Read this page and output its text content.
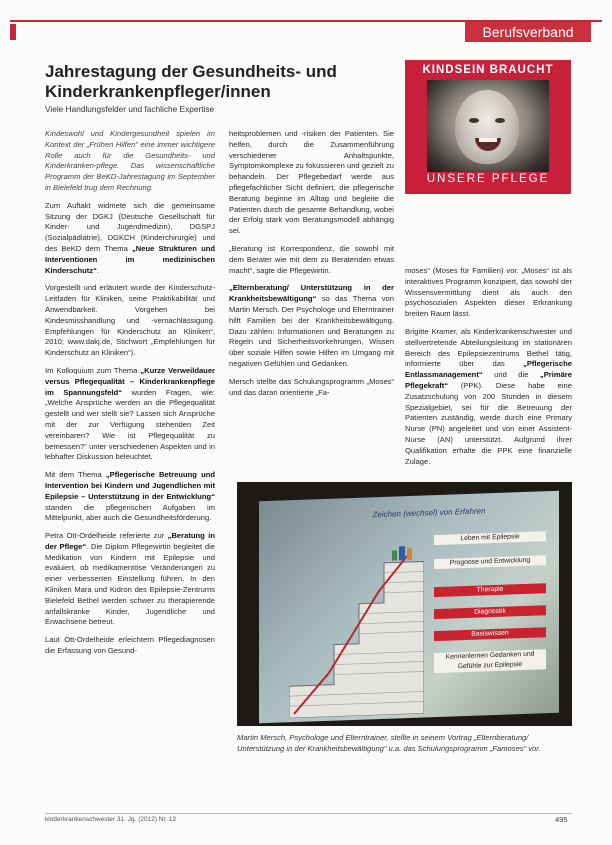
Berufsverband
Jahrestagung der Gesundheits- und Kinderkrankenpfleger/innen
Viele Handlungsfelder und fachliche Expertise
KINDSEIN BRAUCHT
UNSERE PFLEGE

Kindeswohl und Kindergesundheit spielen im Kontext der „Frühen Hilfen“ eine immer wichtigere Rolle auch für die Gesundheits- und Kinderkranken-pflege. Das wissenschaftliche Programm der BeKD-Jahrestagung im September in Bielefeld trug dem Rechnung.

Zum Auftakt widmete sich die gemeinsame Sitzung der DGKJ (Deutsche Gesellschaft für Kinder- und Jugendmedizin), DGSPJ (Sozialpädiatrie), DGKCH (Kinderchirurgie) und des BeKD dem Thema „Neue Strukturen und Interventionen im medizinischen Kinderschutz“.

Vorgestellt und erläutert wurde der Kinderschutz-Leitfaden für Kliniken, seine Praktikabilität und Anwendbarkeit. Vorgehen bei Kindesmisshandlung und -vernachlässigung. Empfehlungen für Kinderschutz an Kliniken“, 2010; www.dakj.de, Stichwort „Empfehlungen für Kinderschutz an Kliniken“).

Im Kolloquium zum Thema „Kurze Verweildauer versus Pflegequalität – Kinderkrankenpflege im Spannungsfeld“ wurden Fragen, wie: „Welche Ansprüche werden an die Pflegequalität gestellt und wer stellt sie? Lassen sich Ansprüche mit der zur Verfügung stehenden Zeit vereinbaren? Wie ist Pflegequalität zu bemessen?“ unter verschiedenen Aspekten und in lebhafter Diskussion beleuchtet.

Mit dem Thema „Pflegerische Betreuung und Intervention bei Kindern und Jugendlichen mit Epilepsie – Unterstützung in der Entwicklung“ standen die pflegerischen Aufgaben im Mittelpunkt, aber auch die Gesundheitsförderung.

Petra Ott-Ordelheide referierte zur „Beratung in der Pflege“. Die Diplom Pflegewirtin begleitet die Medikation von Kindern mit Epilepsie und evaluiert, ob medikamentöse Veränderungen zu einer verbesserten Einstellung führen. In den Kliniken Mara und Kidron des Epilepsie-Zentrums Bielefeld Bethel werden schwer zu therapierende anfallskranke Kinder, Jugendliche und Erwachsene betreut.

Laut Ott-Ordelheide erleichtern Pflegediagnosen die Erfassung von Gesund-

heitsproblemen und -risiken der Patienten. Sie helfen, durch die Zusammenführung verschiedener Anhaltspunkte, Symptomkomplexe zu fokussieren und gezielt zu behandeln. Der Pflegebedarf werde aus pflegefachlicher Sicht definiert, die pflegerische Beratung beginne im Alltag und begleite die Patienten durch die gesamte Behandlung, wobei der Erfolg stark vom Beratungsmodell abhängig sei.

„Beratung ist Korrespondenz, die sowohl mit dem Berater wie mit dem zu Beratenden etwas macht“, sagte die Pflegewirtin.

„Elternberatung/ Unterstützung in der Krankheitsbewältigung“ so das Thema von Martin Mersch. Der Psychologe und Elterntrainer hilft Familien bei der Krankheitsbewältigung. Dazu zählen: Informationen und Beratungen zu Regeln und Sicherheitsvorkehrungen, Wissen über soziale Hilfen sowie Hilfen im Umgang mit negativen Gefühlen und Gedanken.

Mersch stellte das Schulungsprogramm „Moses“ und das daran orientierte „Fa-

moses“ (Moses für Familien) vor. „Moses“ ist als interaktives Programm konzipiert, das sowohl der Wissensvermittlung dient als auch den psychosozialen Aspekten dieser Erkrankung breiten Raum lässt.

Brigitte Kramer, als Kinderkrankenschwester und stellvertretende Abteilungsleitung im stationären Bereich des Epilepsiezentrums Bethel tätig, informierte über das „Pflegerische Entlassmanagement“ und die „Primäre Pflegekraft“ (PPK). Diese habe eine Zusatzschulung von 200 Stunden in diesem Spezialgebiet, sei für die Betreuung der Patienten zuständig, werde durch eine Primary Nurse (PN) angeleitet und von einer Assistent-Nurse (AN) unterstützt. Aufgrund ihrer Qualifikation erhalte die PPK eine finanzielle Zulage.

Zeichen (wechsel) von Erfahren
Leben mit Epilepsie
Prognose und Entwicklung
Therapie
Diagnostik
Basiswissen
Kennenlernen Gedanken und Gefühle zur Epilepsie
Martin Mersch, Psychologe und Elterntrainer, stellte in seinem Vortrag „Elternberatung/ Unterstützung in der Krankheitsbewältigung“ u.a. das Schulungsprogramm „Famoses“ vor.
kinderkrankenschwester 31. Jg. (2012) Nr. 12	495
